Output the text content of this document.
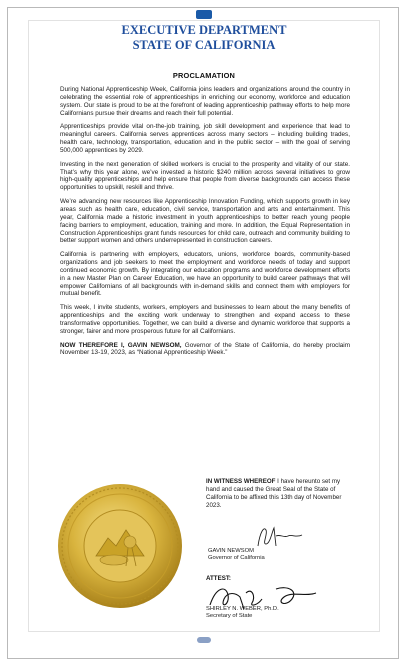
EXECUTIVE DEPARTMENT
STATE OF CALIFORNIA
PROCLAMATION

During National Apprenticeship Week, California joins leaders and organizations around the country in celebrating the essential role of apprenticeships in enriching our economy, workforce and education system. Our state is proud to be at the forefront of leading apprenticeship pathway efforts to help more Californians pursue their dreams and reach their full potential.

Apprenticeships provide vital on-the-job training, job skill development and experience that lead to meaningful careers. California serves apprentices across many sectors – including building trades, health care, technology, transportation, education and in the public sector – with the goal of serving 500,000 apprentices by 2029.

Investing in the next generation of skilled workers is crucial to the prosperity and vitality of our state. That’s why this year alone, we’ve invested a historic $240 million across several initiatives to grow high-quality apprenticeships and help ensure that people from diverse backgrounds can access these opportunities to upskill, reskill and thrive.

We’re advancing new resources like Apprenticeship Innovation Funding, which supports growth in key areas such as health care, education, civil service, transportation and arts and entertainment. This year, California made a historic investment in youth apprenticeships to better reach young people facing barriers to employment, education, training and more. In addition, the Equal Representation in Construction Apprenticeships grant funds resources for child care, outreach and community building to better support women and others underrepresented in construction careers.

California is partnering with employers, educators, unions, workforce boards, community-based organizations and job seekers to meet the employment and workforce needs of today and support continued economic growth. By integrating our education programs and workforce development efforts in a new Master Plan on Career Education, we have an opportunity to build career pathways that will empower Californians of all backgrounds with in-demand skills and connect them with employers for mutual benefit.

This week, I invite students, workers, employers and businesses to learn about the many benefits of apprenticeships and the exciting work underway to strengthen and expand access to these transformative opportunities. Together, we can build a diverse and dynamic workforce that supports a stronger, fairer and more prosperous future for all Californians.

NOW THEREFORE I, GAVIN NEWSOM, Governor of the State of California, do hereby proclaim November 13-19, 2023, as “National Apprenticeship Week.”

IN WITNESS WHEREOF I have hereunto set my hand and caused the Great Seal of the State of California to be affixed this 13th day of November 2023.
GAVIN NEWSOM
Governor of California
ATTEST:
SHIRLEY N. WEBER, Ph.D.
Secretary of State
